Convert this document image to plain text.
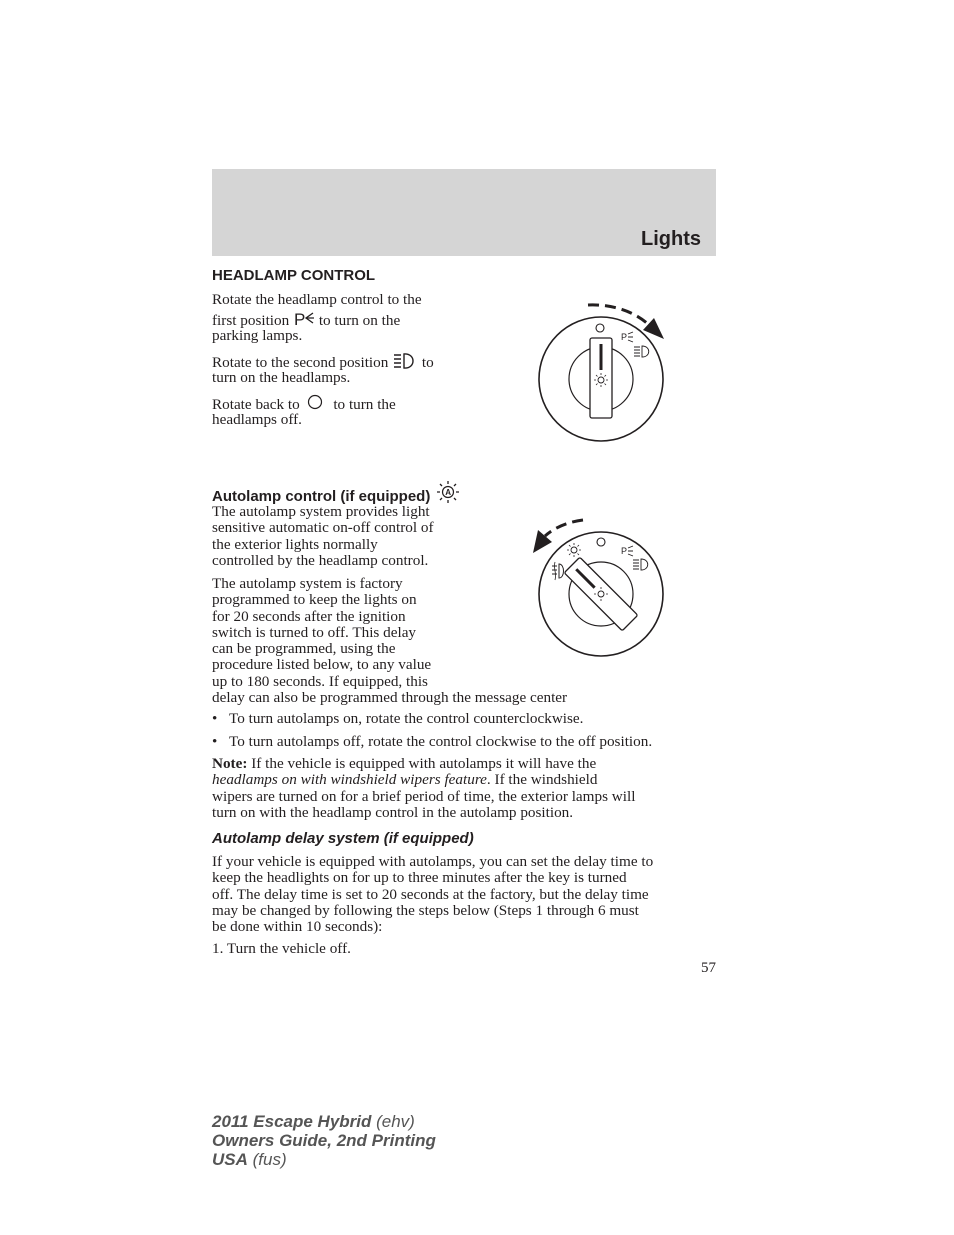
Lights
HEADLAMP CONTROL
Rotate the headlamp control to the
first position P to turn on the
parking lamps.
Rotate to the second position to
turn on the headlamps.
Rotate back to to turn the
headlamps off.
P
Autolamp control (if equipped) A
The autolamp system provides light
sensitive automatic on-off control of
the exterior lights normally
controlled by the headlamp control.
The autolamp system is factory
programmed to keep the lights on
for 20 seconds after the ignition
switch is turned to off. This delay
can be programmed, using the
procedure listed below, to any value
up to 180 seconds. If equipped, this
delay can also be programmed through the message center
P
• To turn autolamps on, rotate the control counterclockwise.
• To turn autolamps off, rotate the control clockwise to the off position.
Note: If the vehicle is equipped with autolamps it will have the
headlamps on with windshield wipers feature. If the windshield
wipers are turned on for a brief period of time, the exterior lamps will
turn on with the headlamp control in the autolamp position.
Autolamp delay system (if equipped)
If your vehicle is equipped with autolamps, you can set the delay time to
keep the headlights on for up to three minutes after the key is turned
off. The delay time is set to 20 seconds at the factory, but the delay time
may be changed by following the steps below (Steps 1 through 6 must
be done within 10 seconds):
1. Turn the vehicle off.
57
2011 Escape Hybrid (ehv)
Owners Guide, 2nd Printing
USA (fus)
